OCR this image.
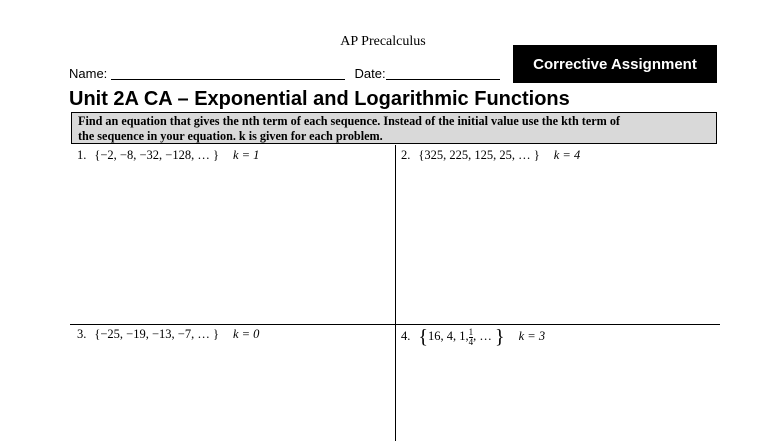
AP Precalculus
Corrective Assignment
Name:	Date:
Unit 2A CA – Exponential and Logarithmic Functions
Find an equation that gives the nth term of each sequence. Instead of the initial value use the kth term of
the sequence in your equation. k is given for each problem.
1. {−2, −8, −32, −128, … } k = 1	2. {325, 225, 125, 25, … } k = 4
3. {−25, −19, −13, −7, … } k = 0	4. {16, 4, 1, $\frac{1}{4}$ , … } k = 3
